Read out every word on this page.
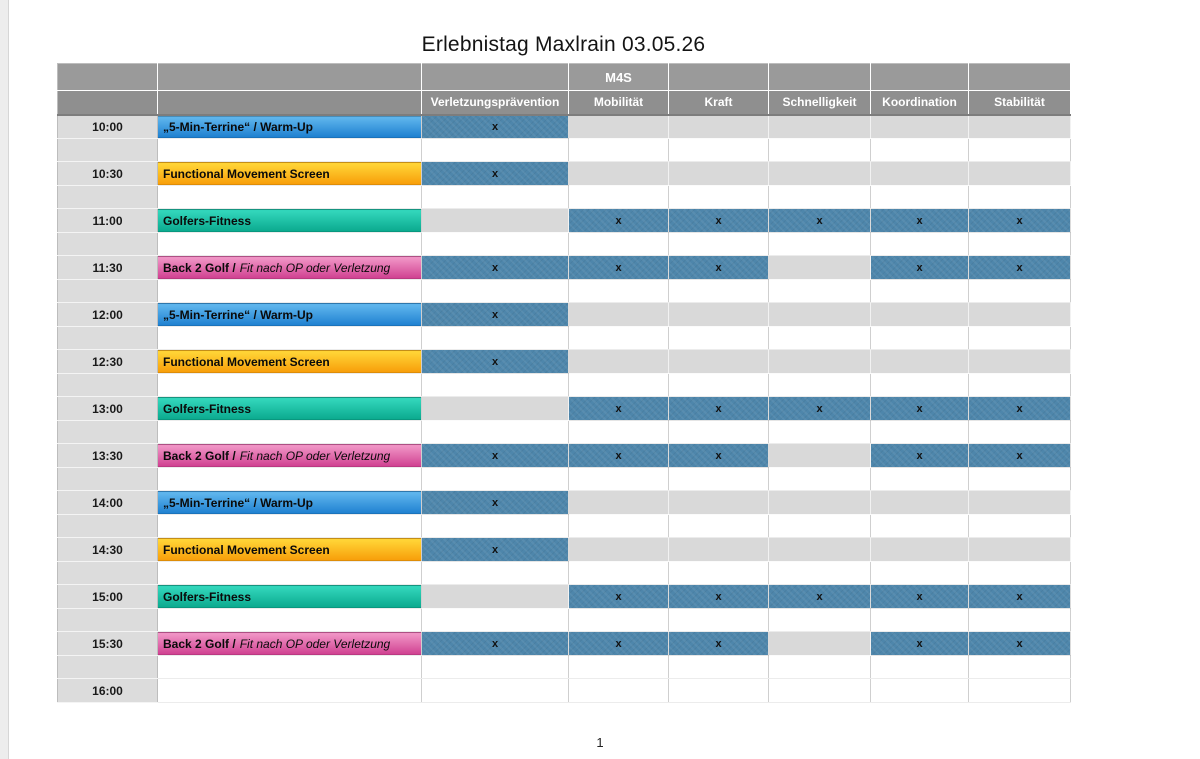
Erlebnistag Maxlrain 03.05.26
			M4S				
		Verletzungsprävention	Mobilität	Kraft	Schnelligkeit	Koordination	Stabilität
10:00	„5-Min-Terrine“ / Warm-Up	x					

10:30	Functional Movement Screen	x					

11:00	Golfers-Fitness		x	x	x	x	x

11:30	Back 2 Golf / Fit nach OP oder Verletzung	x	x	x		x	x

12:00	„5-Min-Terrine“ / Warm-Up	x					

12:30	Functional Movement Screen	x					

13:00	Golfers-Fitness		x	x	x	x	x

13:30	Back 2 Golf / Fit nach OP oder Verletzung	x	x	x		x	x

14:00	„5-Min-Terrine“ / Warm-Up	x					

14:30	Functional Movement Screen	x					

15:00	Golfers-Fitness		x	x	x	x	x

15:30	Back 2 Golf / Fit nach OP oder Verletzung	x	x	x		x	x

16:00							
1
